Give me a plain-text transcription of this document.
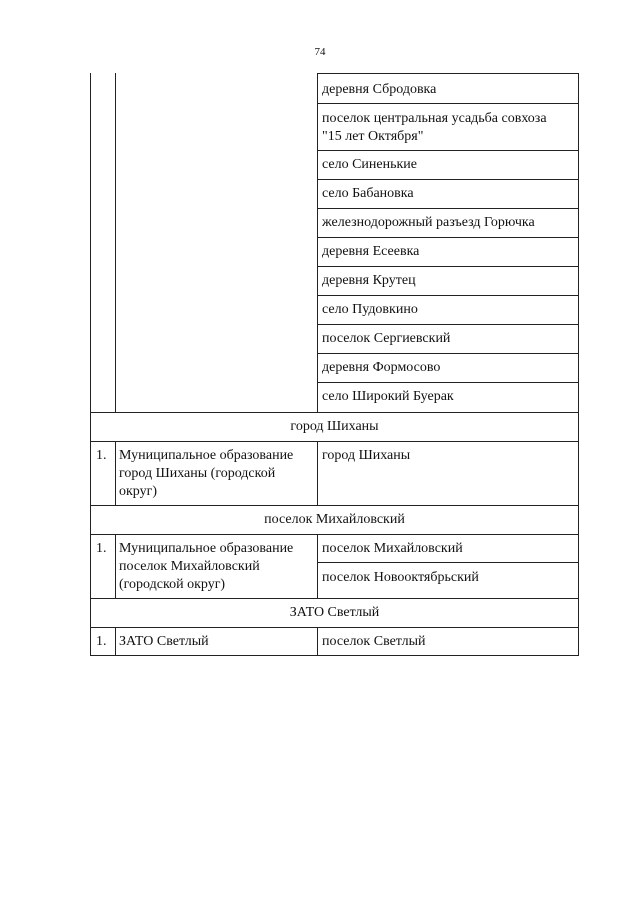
74
деревня Сбродовка
поселок центральная усадьба совхоза
"15 лет Октября"
село Синенькие
село Бабановка
железнодорожный разъезд Горючка
деревня Есеевка
деревня Крутец
село Пудовкино
поселок Сергиевский
деревня Формосово
село Широкий Буерак
город Шиханы
1. Муниципальное образование
город Шиханы (городской
округ)
город Шиханы
поселок Михайловский
1. Муниципальное образование
поселок Михайловский
(городской округ)
поселок Михайловский
поселок Новооктябрьский
ЗАТО Светлый
1. ЗАТО Светлый	поселок Светлый
